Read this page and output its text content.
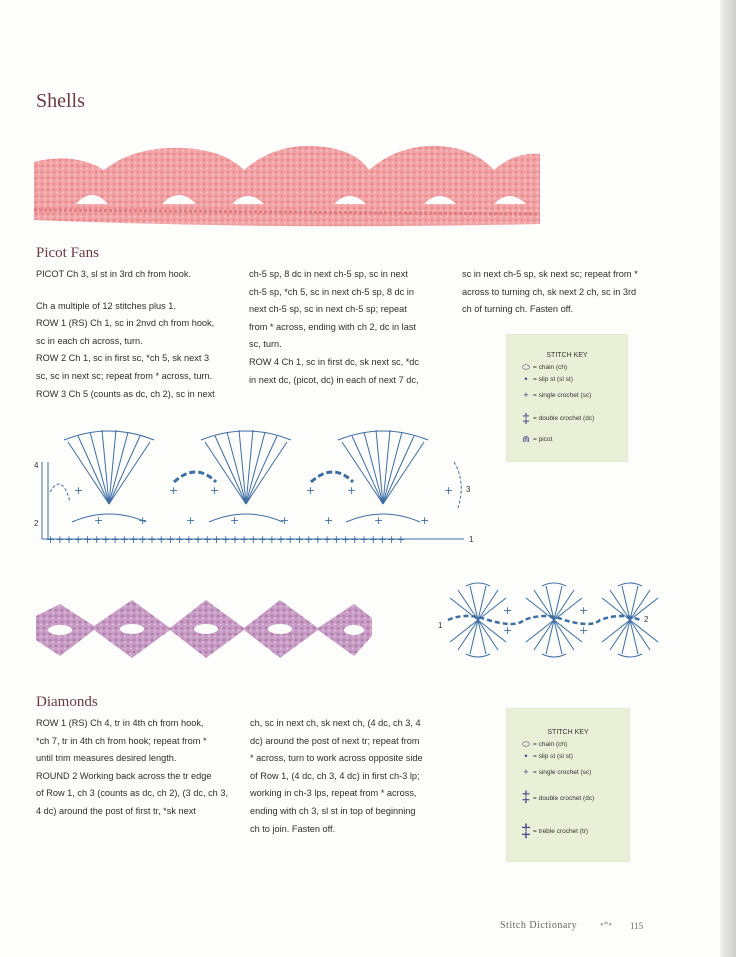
Shells
Picot Fans

PICOT Ch 3, sl st in 3rd ch from hook.

Ch a multiple of 12 stitches plus 1.

ROW 1 (RS) Ch 1, sc in 2nvd ch from hook,

sc in each ch across, turn.

ROW 2 Ch 1, sc in first sc, *ch 5, sk next 3

sc, sc in next sc; repeat from * across, turn.

ROW 3 Ch 5 (counts as dc, ch 2), sc in next

ch-5 sp, 8 dc in next ch-5 sp, sc in next

ch-5 sp, *ch 5, sc in next ch-5 sp, 8 dc in

next ch-5 sp, sc in next ch-5 sp; repeat

from * across, ending with ch 2, dc in last

sc, turn.

ROW 4 Ch 1, sc in first dc, sk next sc, *dc

in next dc, (picot, dc) in each of next 7 dc,

sc in next ch-5 sp, sk next sc; repeat from *

across to turning ch, sk next 2 ch, sc in 3rd

ch of turning ch. Fasten off.

STITCH KEY
⬭ = chain (ch)
• = slip st (sl st)
+ = single crochet (sc)
‡ = double crochet (dc)
⋒ = picot
+++++++++++++++++++++++++++++++++++++++
+	+	+	+	+	+
+	+	+	+	+	+	+	+
4
3
2
1
+
+
+
+
1
2
Diamonds

ROW 1 (RS) Ch 4, tr in 4th ch from hook,

*ch 7, tr in 4th ch from hook; repeat from *

until trim measures desired length.

ROUND 2 Working back across the tr edge

of Row 1, ch 3 (counts as dc, ch 2), (3 dc, ch 3,

4 dc) around the post of first tr, *sk next

ch, sc in next ch, sk next ch, (4 dc, ch 3, 4

dc) around the post of next tr; repeat from

* across, turn to work across opposite side

of Row 1, (4 dc, ch 3, 4 dc) in first ch-3 lp;

working in ch-3 lps, repeat from * across,

ending with ch 3, sl st in top of beginning

ch to join. Fasten off.

STITCH KEY
⬭ = chain (ch)
• = slip st (sl st)
+ = single crochet (sc)
‡ = double crochet (dc)
‡ = treble crochet (tr)
Stitch Dictionary •*• 115
